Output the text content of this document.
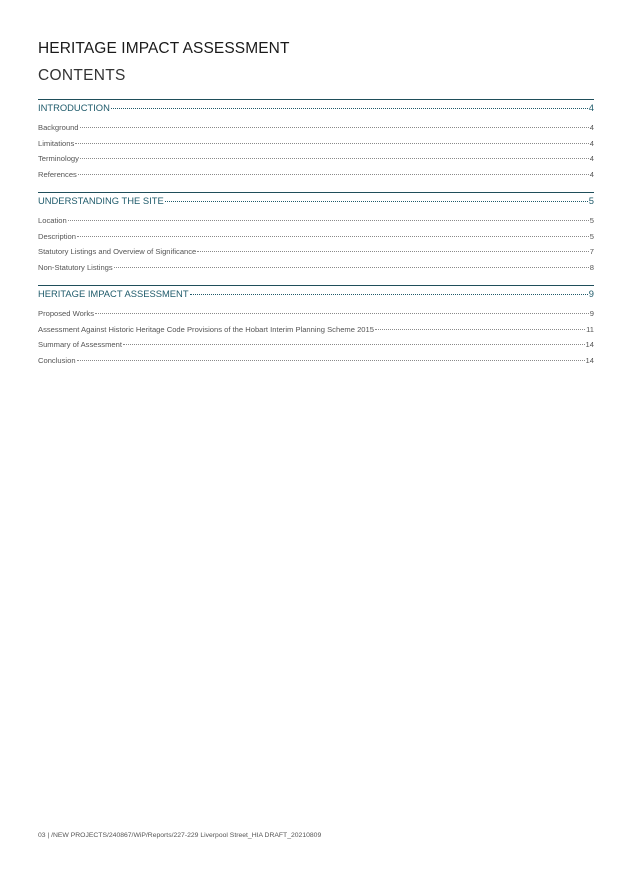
HERITAGE IMPACT ASSESSMENT
CONTENTS
INTRODUCTION	4
Background	4
Limitations	4
Terminology	4
References	4
UNDERSTANDING THE SITE	5
Location	5
Description	5
Statutory Listings and Overview of Significance	7
Non-Statutory Listings	8
HERITAGE IMPACT ASSESSMENT	9
Proposed Works	9
Assessment Against Historic Heritage Code Provisions of the Hobart Interim Planning Scheme 2015	11
Summary of Assessment	14
Conclusion	14
03 | /NEW PROJECTS/240867/WiP/Reports/227-229 Liverpool Street_HIA DRAFT_20210809
